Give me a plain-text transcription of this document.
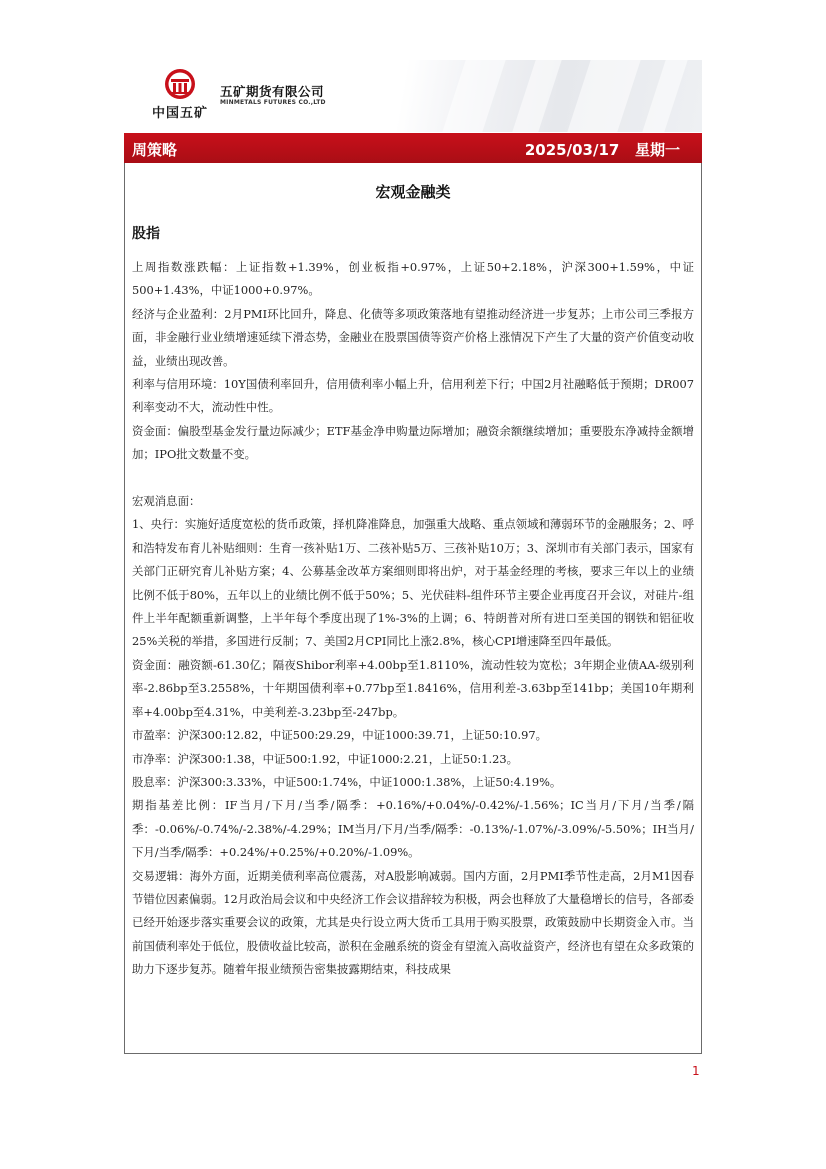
中国五矿
五矿期货有限公司
MINMETALS FUTURES CO.,LTD
周策略	2025/03/17 星期一
宏观金融类
股指

上周指数涨跌幅：上证指数+1.39%，创业板指+0.97%，上证50+2.18%，沪深300+1.59%，中证500+1.43%，中证1000+0.97%。

经济与企业盈利：2月PMI环比回升，降息、化债等多项政策落地有望推动经济进一步复苏；上市公司三季报方面，非金融行业业绩增速延续下滑态势，金融业在股票国债等资产价格上涨情况下产生了大量的资产价值变动收益，业绩出现改善。

利率与信用环境：10Y国债利率回升，信用债利率小幅上升，信用利差下行；中国2月社融略低于预期；DR007利率变动不大，流动性中性。

资金面：偏股型基金发行量边际减少；ETF基金净申购量边际增加；融资余额继续增加；重要股东净减持金额增加；IPO批文数量不变。

宏观消息面：

1、央行：实施好适度宽松的货币政策，择机降准降息，加强重大战略、重点领域和薄弱环节的金融服务；2、呼和浩特发布育儿补贴细则：生育一孩补贴1万、二孩补贴5万、三孩补贴10万；3、深圳市有关部门表示，国家有关部门正研究育儿补贴方案；4、公募基金改革方案细则即将出炉，对于基金经理的考核，要求三年以上的业绩比例不低于80%，五年以上的业绩比例不低于50%；5、光伏硅料-组件环节主要企业再度召开会议，对硅片-组件上半年配额重新调整，上半年每个季度出现了1%-3%的上调；6、特朗普对所有进口至美国的钢铁和铝征收25%关税的举措，多国进行反制；7、美国2月CPI同比上涨2.8%，核心CPI增速降至四年最低。

资金面：融资额-61.30亿；隔夜Shibor利率+4.00bp至1.8110%，流动性较为宽松；3年期企业债AA-级别利率-2.86bp至3.2558%，十年期国债利率+0.77bp至1.8416%，信用利差-3.63bp至141bp；美国10年期利率+4.00bp至4.31%，中美利差-3.23bp至-247bp。

市盈率：沪深300:12.82，中证500:29.29，中证1000:39.71，上证50:10.97。

市净率：沪深300:1.38，中证500:1.92，中证1000:2.21，上证50:1.23。

股息率：沪深300:3.33%，中证500:1.74%，中证1000:1.38%，上证50:4.19%。

期指基差比例：IF当月/下月/当季/隔季：+0.16%/+0.04%/-0.42%/-1.56%；IC当月/下月/当季/隔季：-0.06%/-0.74%/-2.38%/-4.29%；IM当月/下月/当季/隔季：-0.13%/-1.07%/-3.09%/-5.50%；IH当月/下月/当季/隔季：+0.24%/+0.25%/+0.20%/-1.09%。

交易逻辑：海外方面，近期美债利率高位震荡，对A股影响减弱。国内方面，2月PMI季节性走高，2月M1因春节错位因素偏弱。12月政治局会议和中央经济工作会议措辞较为积极，两会也释放了大量稳增长的信号，各部委已经开始逐步落实重要会议的政策，尤其是央行设立两大货币工具用于购买股票，政策鼓励中长期资金入市。当前国债利率处于低位，股债收益比较高，淤积在金融系统的资金有望流入高收益资产，经济也有望在众多政策的助力下逐步复苏。随着年报业绩预告密集披露期结束，科技成果

1
